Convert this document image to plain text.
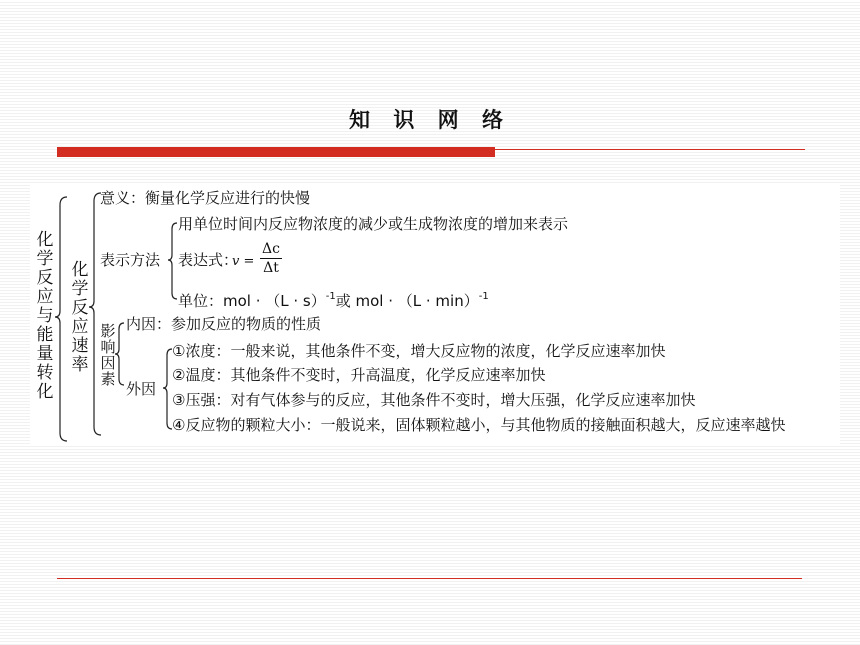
知 识 网 络
化学反应与能量转化
化学反应速率
意义：衡量化学反应进行的快慢
表示方法
用单位时间内反应物浓度的减少或生成物浓度的增加来表示
表达式：
v =
Δc
Δt
单位：mol · $(L \cdot s)^{-1}$或 mol · $(L \cdot \min)^{-1}$
影响因素
内因：参加反应的物质的性质
外因
①浓度：一般来说，其他条件不变，增大反应物的浓度，化学反应速率加快
②温度：其他条件不变时，升高温度，化学反应速率加快
③压强：对有气体参与的反应，其他条件不变时，增大压强，化学反应速率加快
④反应物的颗粒大小：一般说来，固体颗粒越小，与其他物质的接触面积越大，反应速率越快
